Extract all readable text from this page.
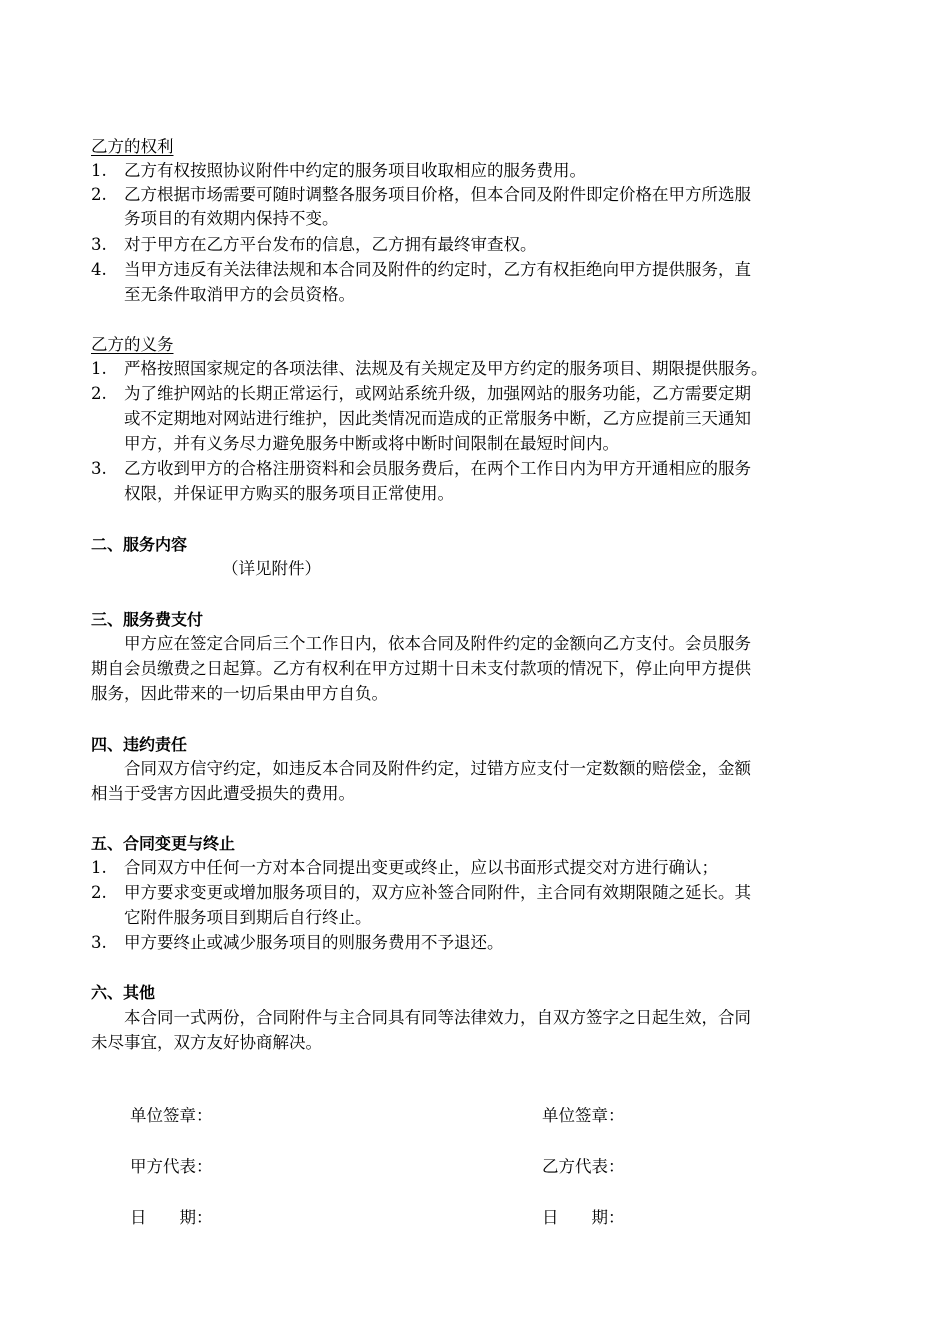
乙方的权利
1. 乙方有权按照协议附件中约定的服务项目收取相应的服务费用。
2. 乙方根据市场需要可随时调整各服务项目价格，但本合同及附件即定价格在甲方所选服
务项目的有效期内保持不变。
3. 对于甲方在乙方平台发布的信息，乙方拥有最终审查权。
4. 当甲方违反有关法律法规和本合同及附件的约定时，乙方有权拒绝向甲方提供服务，直
至无条件取消甲方的会员资格。
乙方的义务
1. 严格按照国家规定的各项法律、法规及有关规定及甲方约定的服务项目、期限提供服务。
2. 为了维护网站的长期正常运行，或网站系统升级，加强网站的服务功能，乙方需要定期
或不定期地对网站进行维护，因此类情况而造成的正常服务中断，乙方应提前三天通知
甲方，并有义务尽力避免服务中断或将中断时间限制在最短时间内。
3. 乙方收到甲方的合格注册资料和会员服务费后，在两个工作日内为甲方开通相应的服务
权限，并保证甲方购买的服务项目正常使用。
二、服务内容
（详见附件）
三、服务费支付
甲方应在签定合同后三个工作日内，依本合同及附件约定的金额向乙方支付。会员服务
期自会员缴费之日起算。乙方有权利在甲方过期十日未支付款项的情况下，停止向甲方提供
服务，因此带来的一切后果由甲方自负。
四、违约责任
合同双方信守约定，如违反本合同及附件约定，过错方应支付一定数额的赔偿金，金额
相当于受害方因此遭受损失的费用。
五、合同变更与终止
1. 合同双方中任何一方对本合同提出变更或终止，应以书面形式提交对方进行确认；
2. 甲方要求变更或增加服务项目的，双方应补签合同附件，主合同有效期限随之延长。其
它附件服务项目到期后自行终止。
3. 甲方要终止或减少服务项目的则服务费用不予退还。
六、其他
本合同一式两份，合同附件与主合同具有同等法律效力，自双方签字之日起生效，合同
未尽事宜，双方友好协商解决。
单位签章：	单位签章：
甲方代表：	乙方代表：
日　　期：	日　　期：
